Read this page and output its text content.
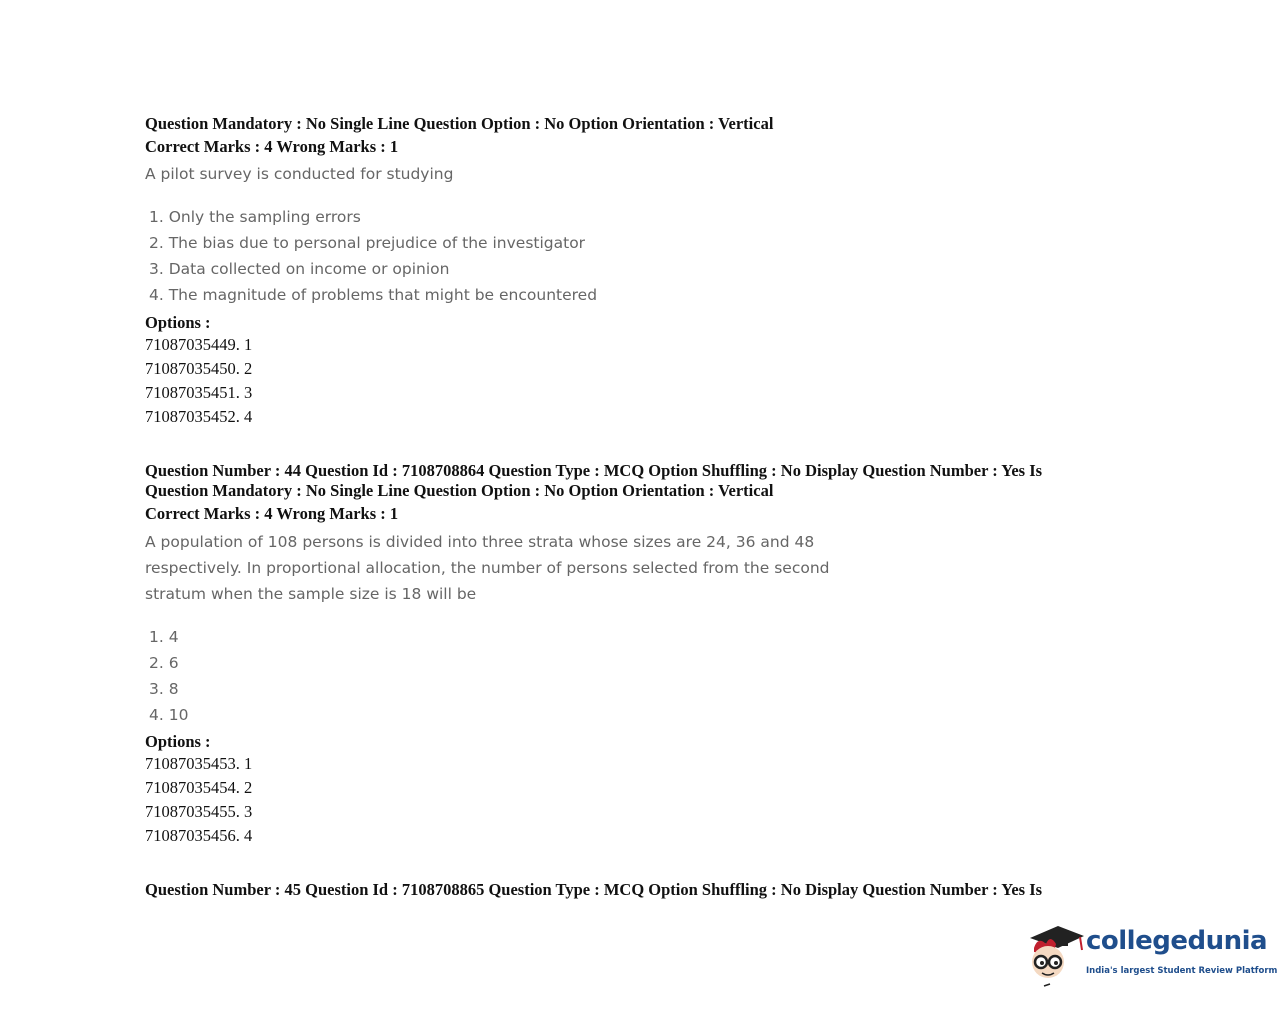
Question Mandatory : No Single Line Question Option : No Option Orientation : Vertical
Correct Marks : 4 Wrong Marks : 1
A pilot survey is conducted for studying
1. Only the sampling errors
2. The bias due to personal prejudice of the investigator
3. Data collected on income or opinion
4. The magnitude of problems that might be encountered
Options :
71087035449. 1
71087035450. 2
71087035451. 3
71087035452. 4
Question Number : 44 Question Id : 7108708864 Question Type : MCQ Option Shuffling : No Display Question Number : Yes Is
Question Mandatory : No Single Line Question Option : No Option Orientation : Vertical
Correct Marks : 4 Wrong Marks : 1
A population of 108 persons is divided into three strata whose sizes are 24, 36 and 48
respectively. In proportional allocation, the number of persons selected from the second
stratum when the sample size is 18 will be
1. 4
2. 6
3. 8
4. 10
Options :
71087035453. 1
71087035454. 2
71087035455. 3
71087035456. 4
Question Number : 45 Question Id : 7108708865 Question Type : MCQ Option Shuffling : No Display Question Number : Yes Is
collegedunia
India's largest Student Review Platform
